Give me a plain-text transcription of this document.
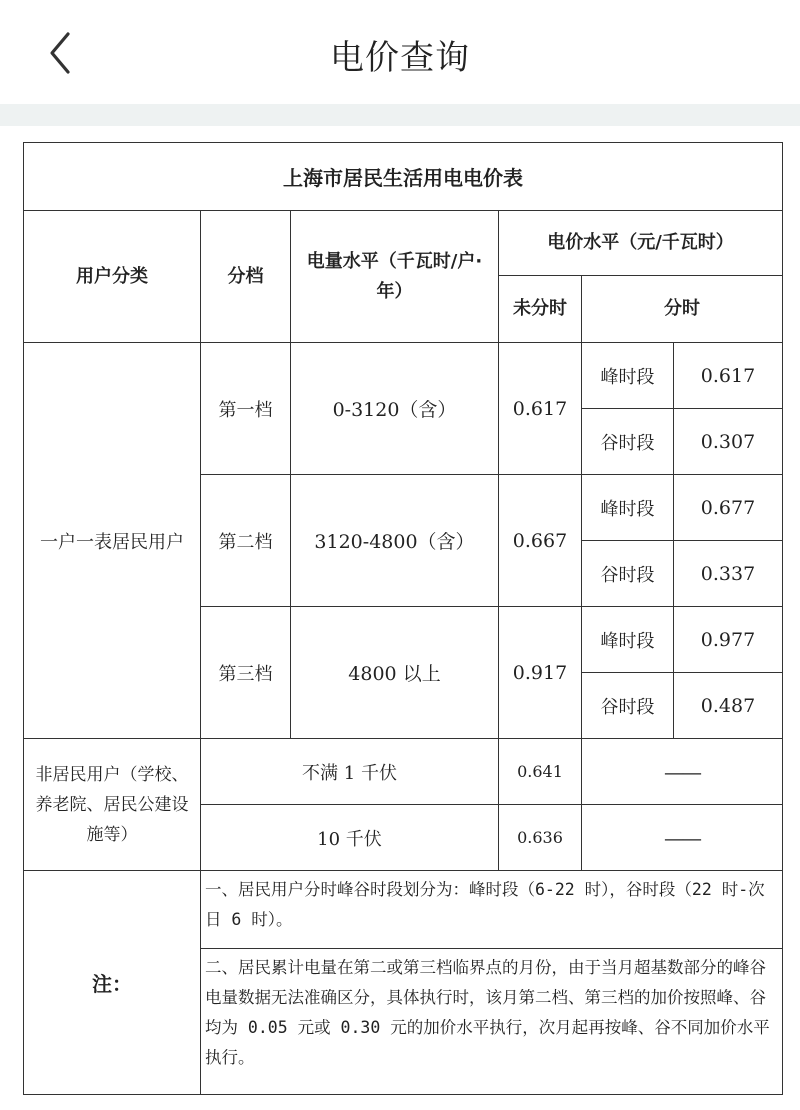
电价查询
上海市居民生活用电电价表					
用户分类	分档	电量水平（千瓦时/户·年）	电价水平（元/千瓦时）		
			未分时	分时	
一户一表居民用户	第一档	0-3120（含）	0.617	峰时段	0.617
				谷时段	0.307
	第二档	3120-4800（含）	0.667	峰时段	0.677
				谷时段	0.337
	第三档	4800 以上	0.917	峰时段	0.977
				谷时段	0.487
非居民用户（学校、养老院、居民公建设施等）	不满 1 千伏		0.641	——	
	10 千伏		0.636	——	
注：	一、居民用户分时峰谷时段划分为：峰时段（6-22 时），谷时段（22 时-次日 6 时）。				
	二、居民累计电量在第二或第三档临界点的月份，由于当月超基数部分的峰谷电量数据无法准确区分，具体执行时，该月第二档、第三档的加价按照峰、谷均为 0.05 元或 0.30 元的加价水平执行，次月起再按峰、谷不同加价水平执行。				
